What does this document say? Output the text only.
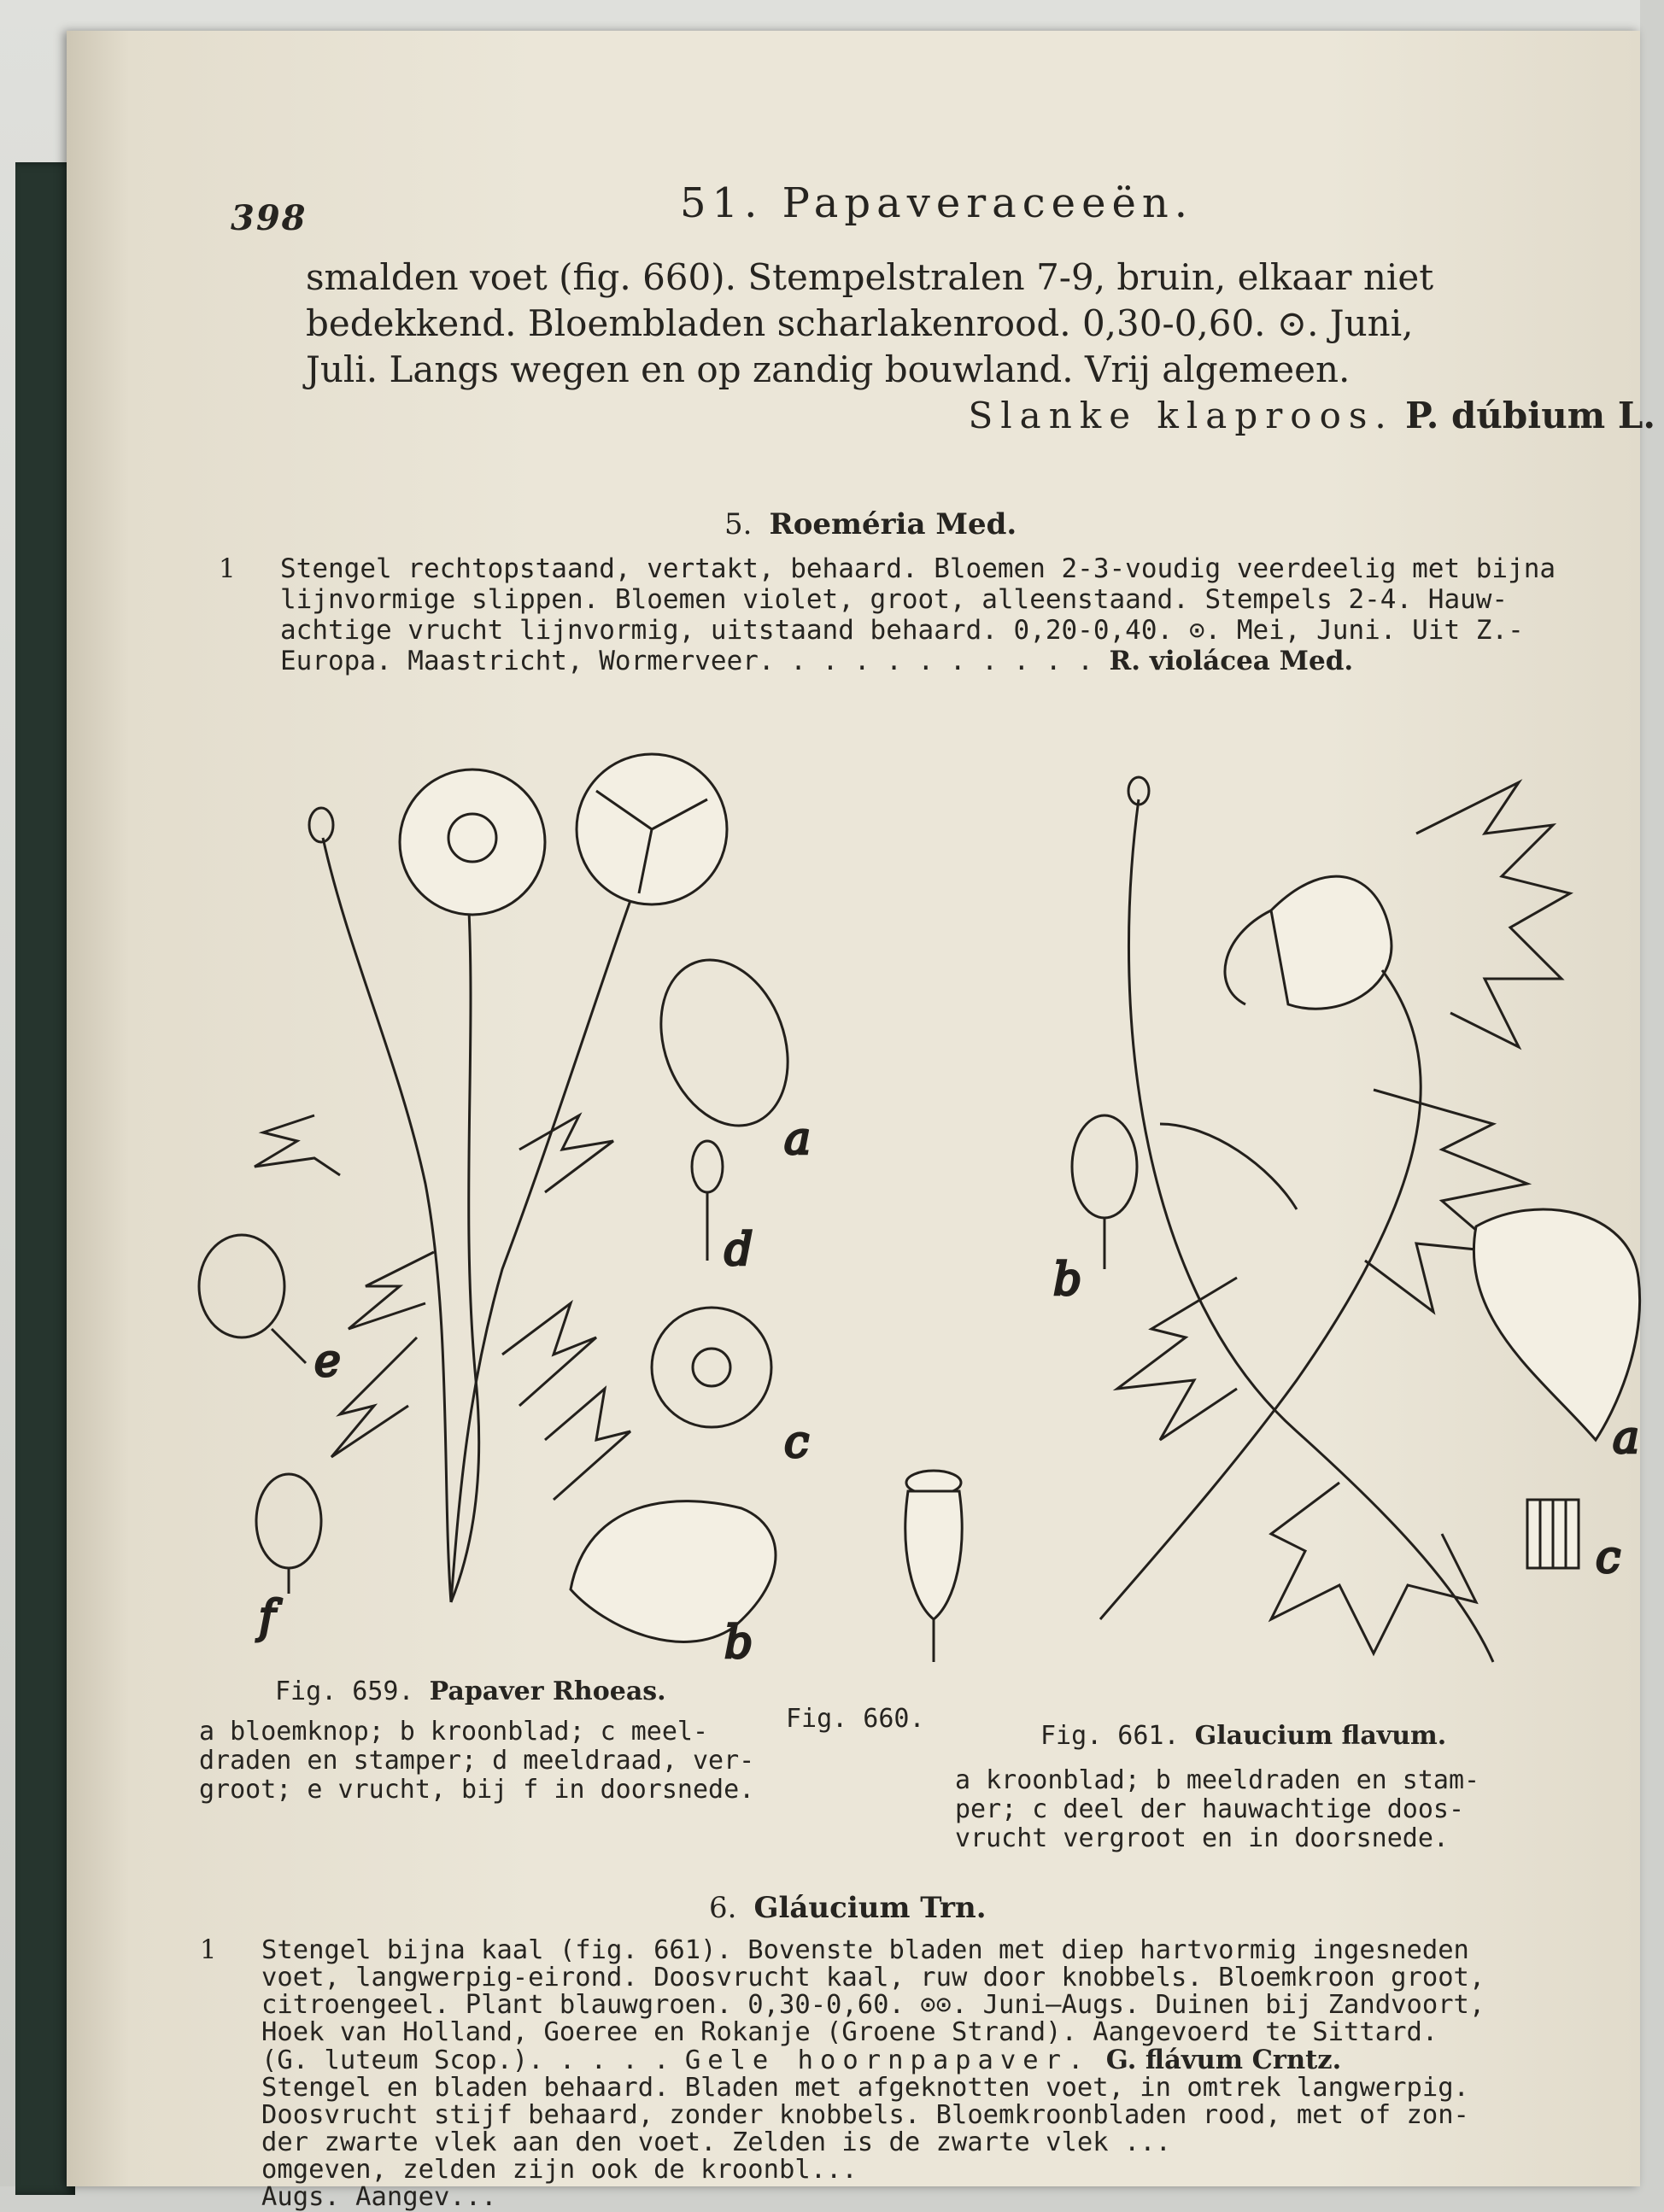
398	51. Papaveraceeën.
smalden voet (fig. 660). Stempelstralen 7-9, bruin, elkaar niet
bedekkend. Bloembladen scharlakenrood. 0,30-0,60. ⊙. Juni,
Juli. Langs wegen en op zandig bouwland. Vrij algemeen.
Slanke klaproos. P. dúbium L.
5. Roeméria Med.
1 Stengel rechtopstaand, vertakt, behaard. Bloemen 2-3-voudig veerdeelig met bijna
lijnvormige slippen. Bloemen violet, groot, alleenstaand. Stempels 2-4. Hauw-
achtige vrucht lijnvormig, uitstaand behaard. 0,20-0,40. ⊙. Mei, Juni. Uit Z.-
Europa. Maastricht, Wormerveer. . . . . . . . . . . R. violácea Med.
a
b
c
d
e
f
a
b
c
Fig. 659. Papaver Rhoeas.
a bloemknop; b kroonblad; c meel-
draden en stamper; d meeldraad, ver-
groot; e vrucht, bij f in doorsnede.
Fig. 660.
Fig. 661. Glaucium flavum.
a kroonblad; b meeldraden en stam-
per; c deel der hauwachtige doos-
vrucht vergroot en in doorsnede.
6. Gláucium Trn.
1 Stengel bijna kaal (fig. 661). Bovenste bladen met diep hartvormig ingesneden
voet, langwerpig-eirond. Doosvrucht kaal, ruw door knobbels. Bloemkroon groot,
citroengeel. Plant blauwgroen. 0,30-0,60. ⊙⊙. Juni—Augs. Duinen bij Zandvoort,
Hoek van Holland, Goeree en Rokanje (Groene Strand). Aangevoerd te Sittard.
(G. luteum Scop.). . . . . Gele hoornpapaver. G. flávum Crntz.
Stengel en bladen behaard. Bladen met afgeknotten voet, in omtrek langwerpig.
Doosvrucht stijf behaard, zonder knobbels. Bloemkroonbladen rood, met of zon-
der zwarte vlek aan den voet. Zelden is de zwarte vlek ...
omgeven, zelden zijn ook de kroonbl...
Augs. Aangev...
